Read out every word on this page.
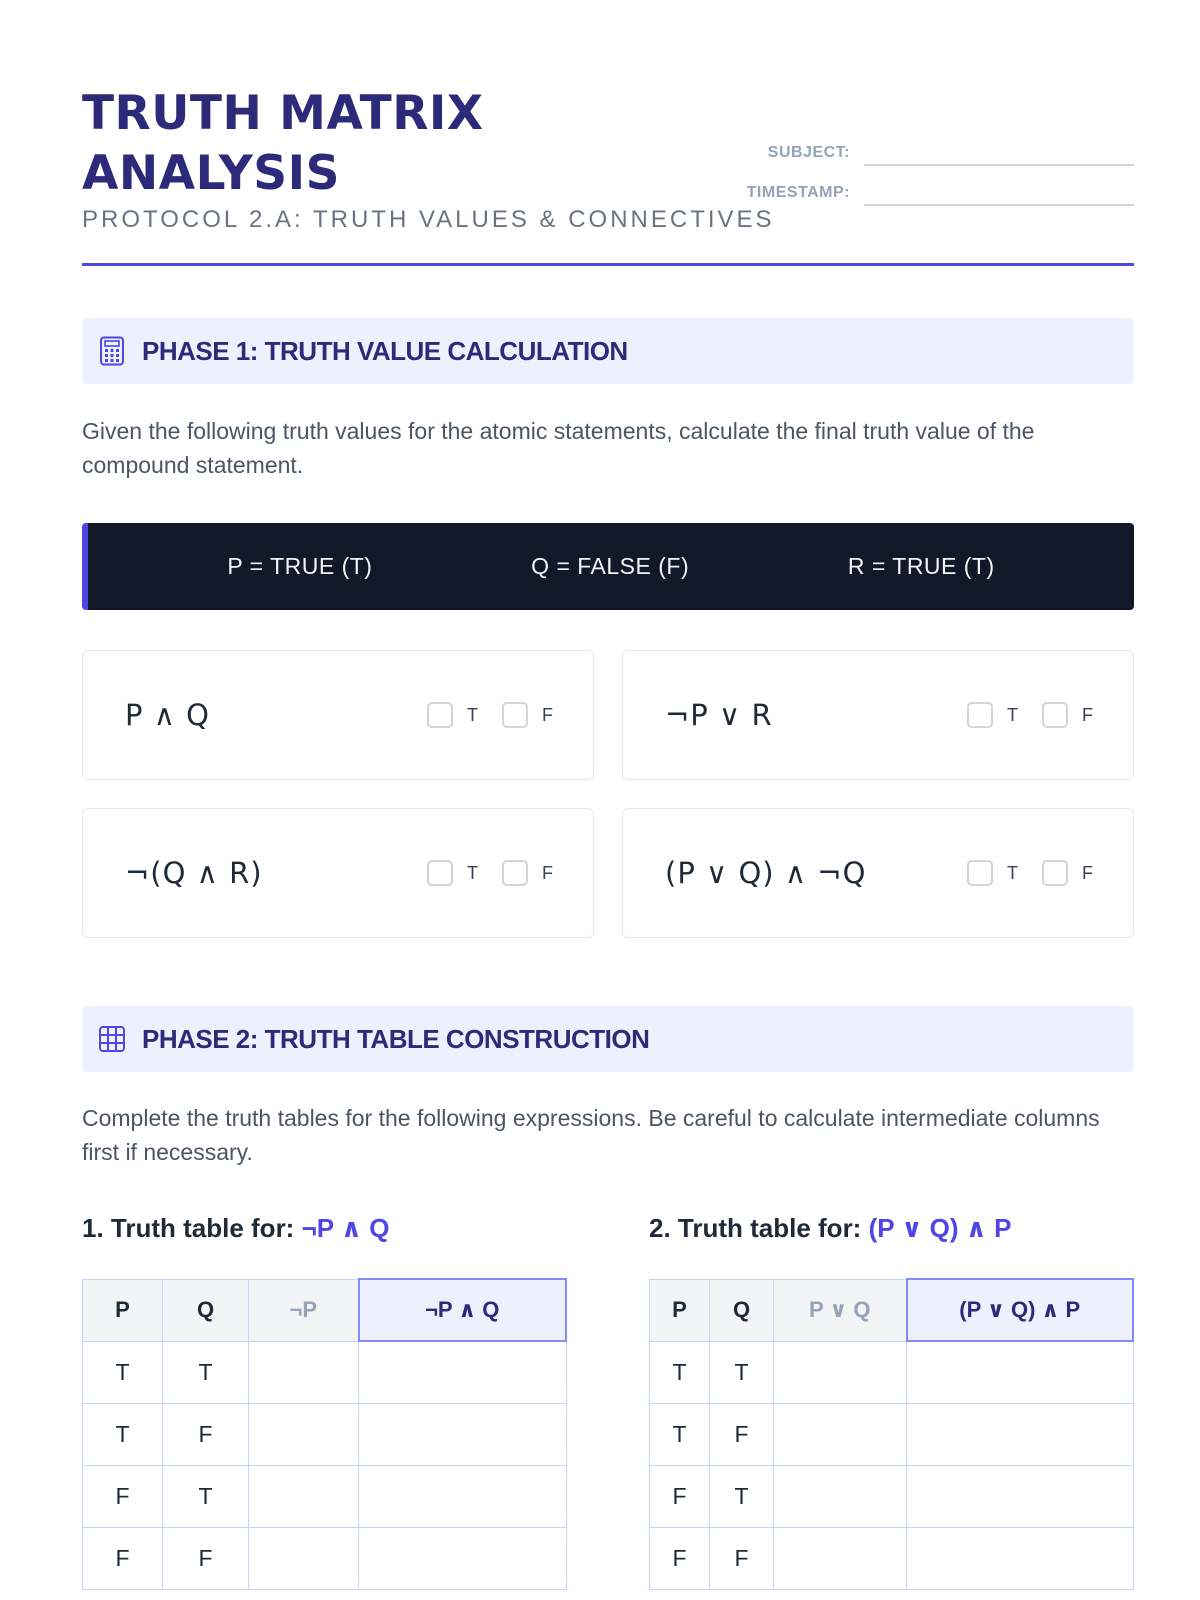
TRUTH MATRIX
ANALYSIS
PROTOCOL 2.A: TRUTH VALUES & CONNECTIVES
SUBJECT:
TIMESTAMP:
PHASE 1: TRUTH VALUE CALCULATION
Given the following truth values for the atomic statements, calculate the final truth value of the compound statement.
P = TRUE (T)	Q = FALSE (F)	R = TRUE (T)
P ∧ Q	T	F	¬P ∨ R	T	F
¬(Q ∧ R)	T	F	(P ∨ Q) ∧ ¬Q	T	F
PHASE 2: TRUTH TABLE CONSTRUCTION
Complete the truth tables for the following expressions. Be careful to calculate intermediate columns first if necessary.
1. Truth table for: ¬P ∧ Q
P	Q	¬P	¬P ∧ Q
T	T		
T	F		
F	T		
F	F		
2. Truth table for: (P ∨ Q) ∧ P
P	Q	P ∨ Q	(P ∨ Q) ∧ P
T	T		
T	F		
F	T		
F	F		
